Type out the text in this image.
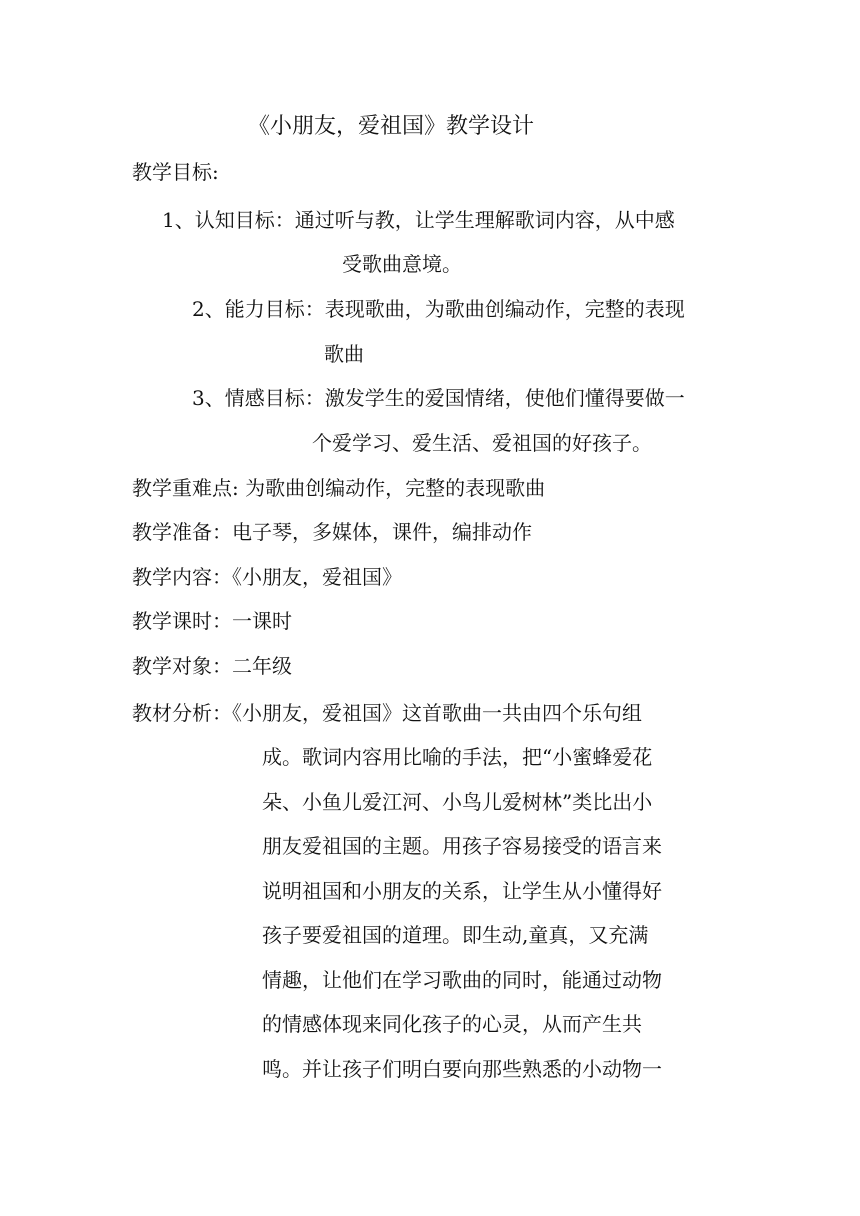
《小朋友，爱祖国》教学设计
教学目标:
1、认知目标：通过听与教，让学生理解歌词内容，从中感
受歌曲意境。
2、能力目标：表现歌曲，为歌曲创编动作，完整的表现
歌曲
3、情感目标：激发学生的爱国情绪，使他们懂得要做一
个爱学习、爱生活、爱祖国的好孩子。
教学重难点: 为歌曲创编动作，完整的表现歌曲
教学准备：电子琴，多媒体，课件，编排动作
教学内容：《小朋友，爱祖国》
教学课时：一课时
教学对象：二年级
教材分析：《小朋友，爱祖国》这首歌曲一共由四个乐句组
成。歌词内容用比喻的手法，把“小蜜蜂爱花
朵、小鱼儿爱江河、小鸟儿爱树林”类比出小
朋友爱祖国的主题。用孩子容易接受的语言来
说明祖国和小朋友的关系，让学生从小懂得好
孩子要爱祖国的道理。即生动,童真，又充满
情趣，让他们在学习歌曲的同时，能通过动物
的情感体现来同化孩子的心灵，从而产生共
鸣。并让孩子们明白要向那些熟悉的小动物一
